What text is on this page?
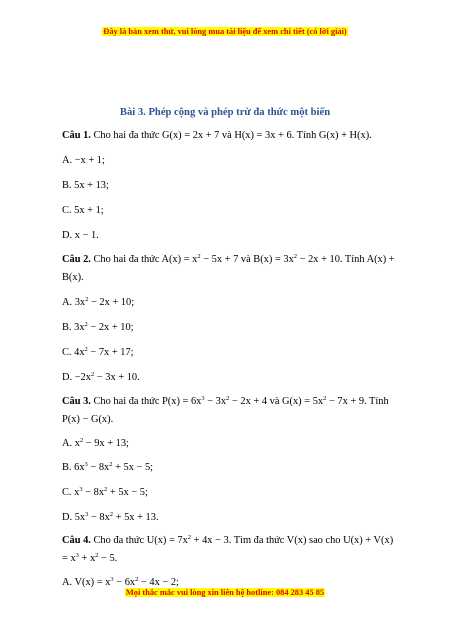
Đây là bản xem thử, vui lòng mua tài liệu để xem chi tiết (có lời giải)
Bài 3. Phép cộng và phép trừ đa thức một biến
Câu 1. Cho hai đa thức G(x) = 2x + 7 và H(x) = 3x + 6. Tính G(x) + H(x).
A. −x + 1;
B. 5x + 13;
C. 5x + 1;
D. x − 1.
Câu 2. Cho hai đa thức $A(x) = x^2 - 5x + 7$ và $B(x) = 3x^2 - 2x + 10$. Tính A(x) +
B(x).
A. $3x^2 - 2x + 10$;
B. $3x^2 - 2x + 10$;
C. $4x^2 - 7x + 17$;
D. $-2x^2 - 3x + 10$.
Câu 3. Cho hai đa thức $P(x) = 6x^3 - 3x^2 - 2x + 4$ và $G(x) = 5x^2 - 7x + 9$. Tính
P(x) − G(x).
A. $x^2 - 9x + 13$;
B. $6x^3 - 8x^2 + 5x - 5$;
C. $x^3 - 8x^2 + 5x - 5$;
D. $5x^3 - 8x^2 + 5x + 13$.
Câu 4. Cho đa thức $U(x) = 7x^2 + 4x - 3$. Tìm đa thức V(x) sao cho U(x) + V(x)
= $x^3 + x^2 - 5$.
A. $V(x) = x^3 - 6x^2 - 4x - 2$;
Mọi thắc mắc vui lòng xin liên hệ hotline: 084 283 45 85
